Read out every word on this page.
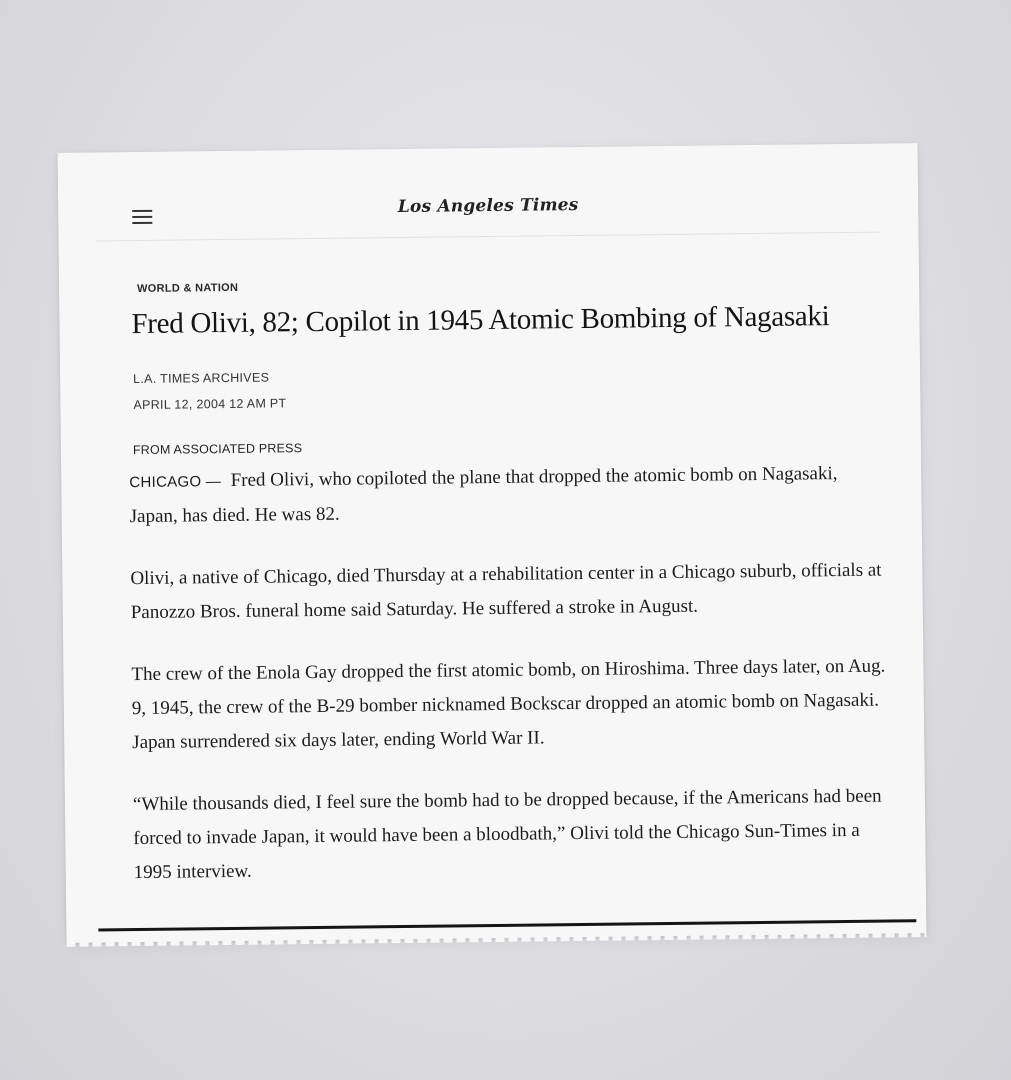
Los Angeles Times
WORLD & NATION
Fred Olivi, 82; Copilot in 1945 Atomic Bombing of Nagasaki
L.A. TIMES ARCHIVES
APRIL 12, 2004 12 AM PT
FROM ASSOCIATED PRESS

CHICAGO — Fred Olivi, who copiloted the plane that dropped the atomic bomb on Nagasaki, Japan, has died. He was 82.

Olivi, a native of Chicago, died Thursday at a rehabilitation center in a Chicago suburb, officials at Panozzo Bros. funeral home said Saturday. He suffered a stroke in August.

The crew of the Enola Gay dropped the first atomic bomb, on Hiroshima. Three days later, on Aug. 9, 1945, the crew of the B-29 bomber nicknamed Bockscar dropped an atomic bomb on Nagasaki. Japan surrendered six days later, ending World War II.

“While thousands died, I feel sure the bomb had to be dropped because, if the Americans had been forced to invade Japan, it would have been a bloodbath,” Olivi told the Chicago Sun-Times in a 1995 interview.
